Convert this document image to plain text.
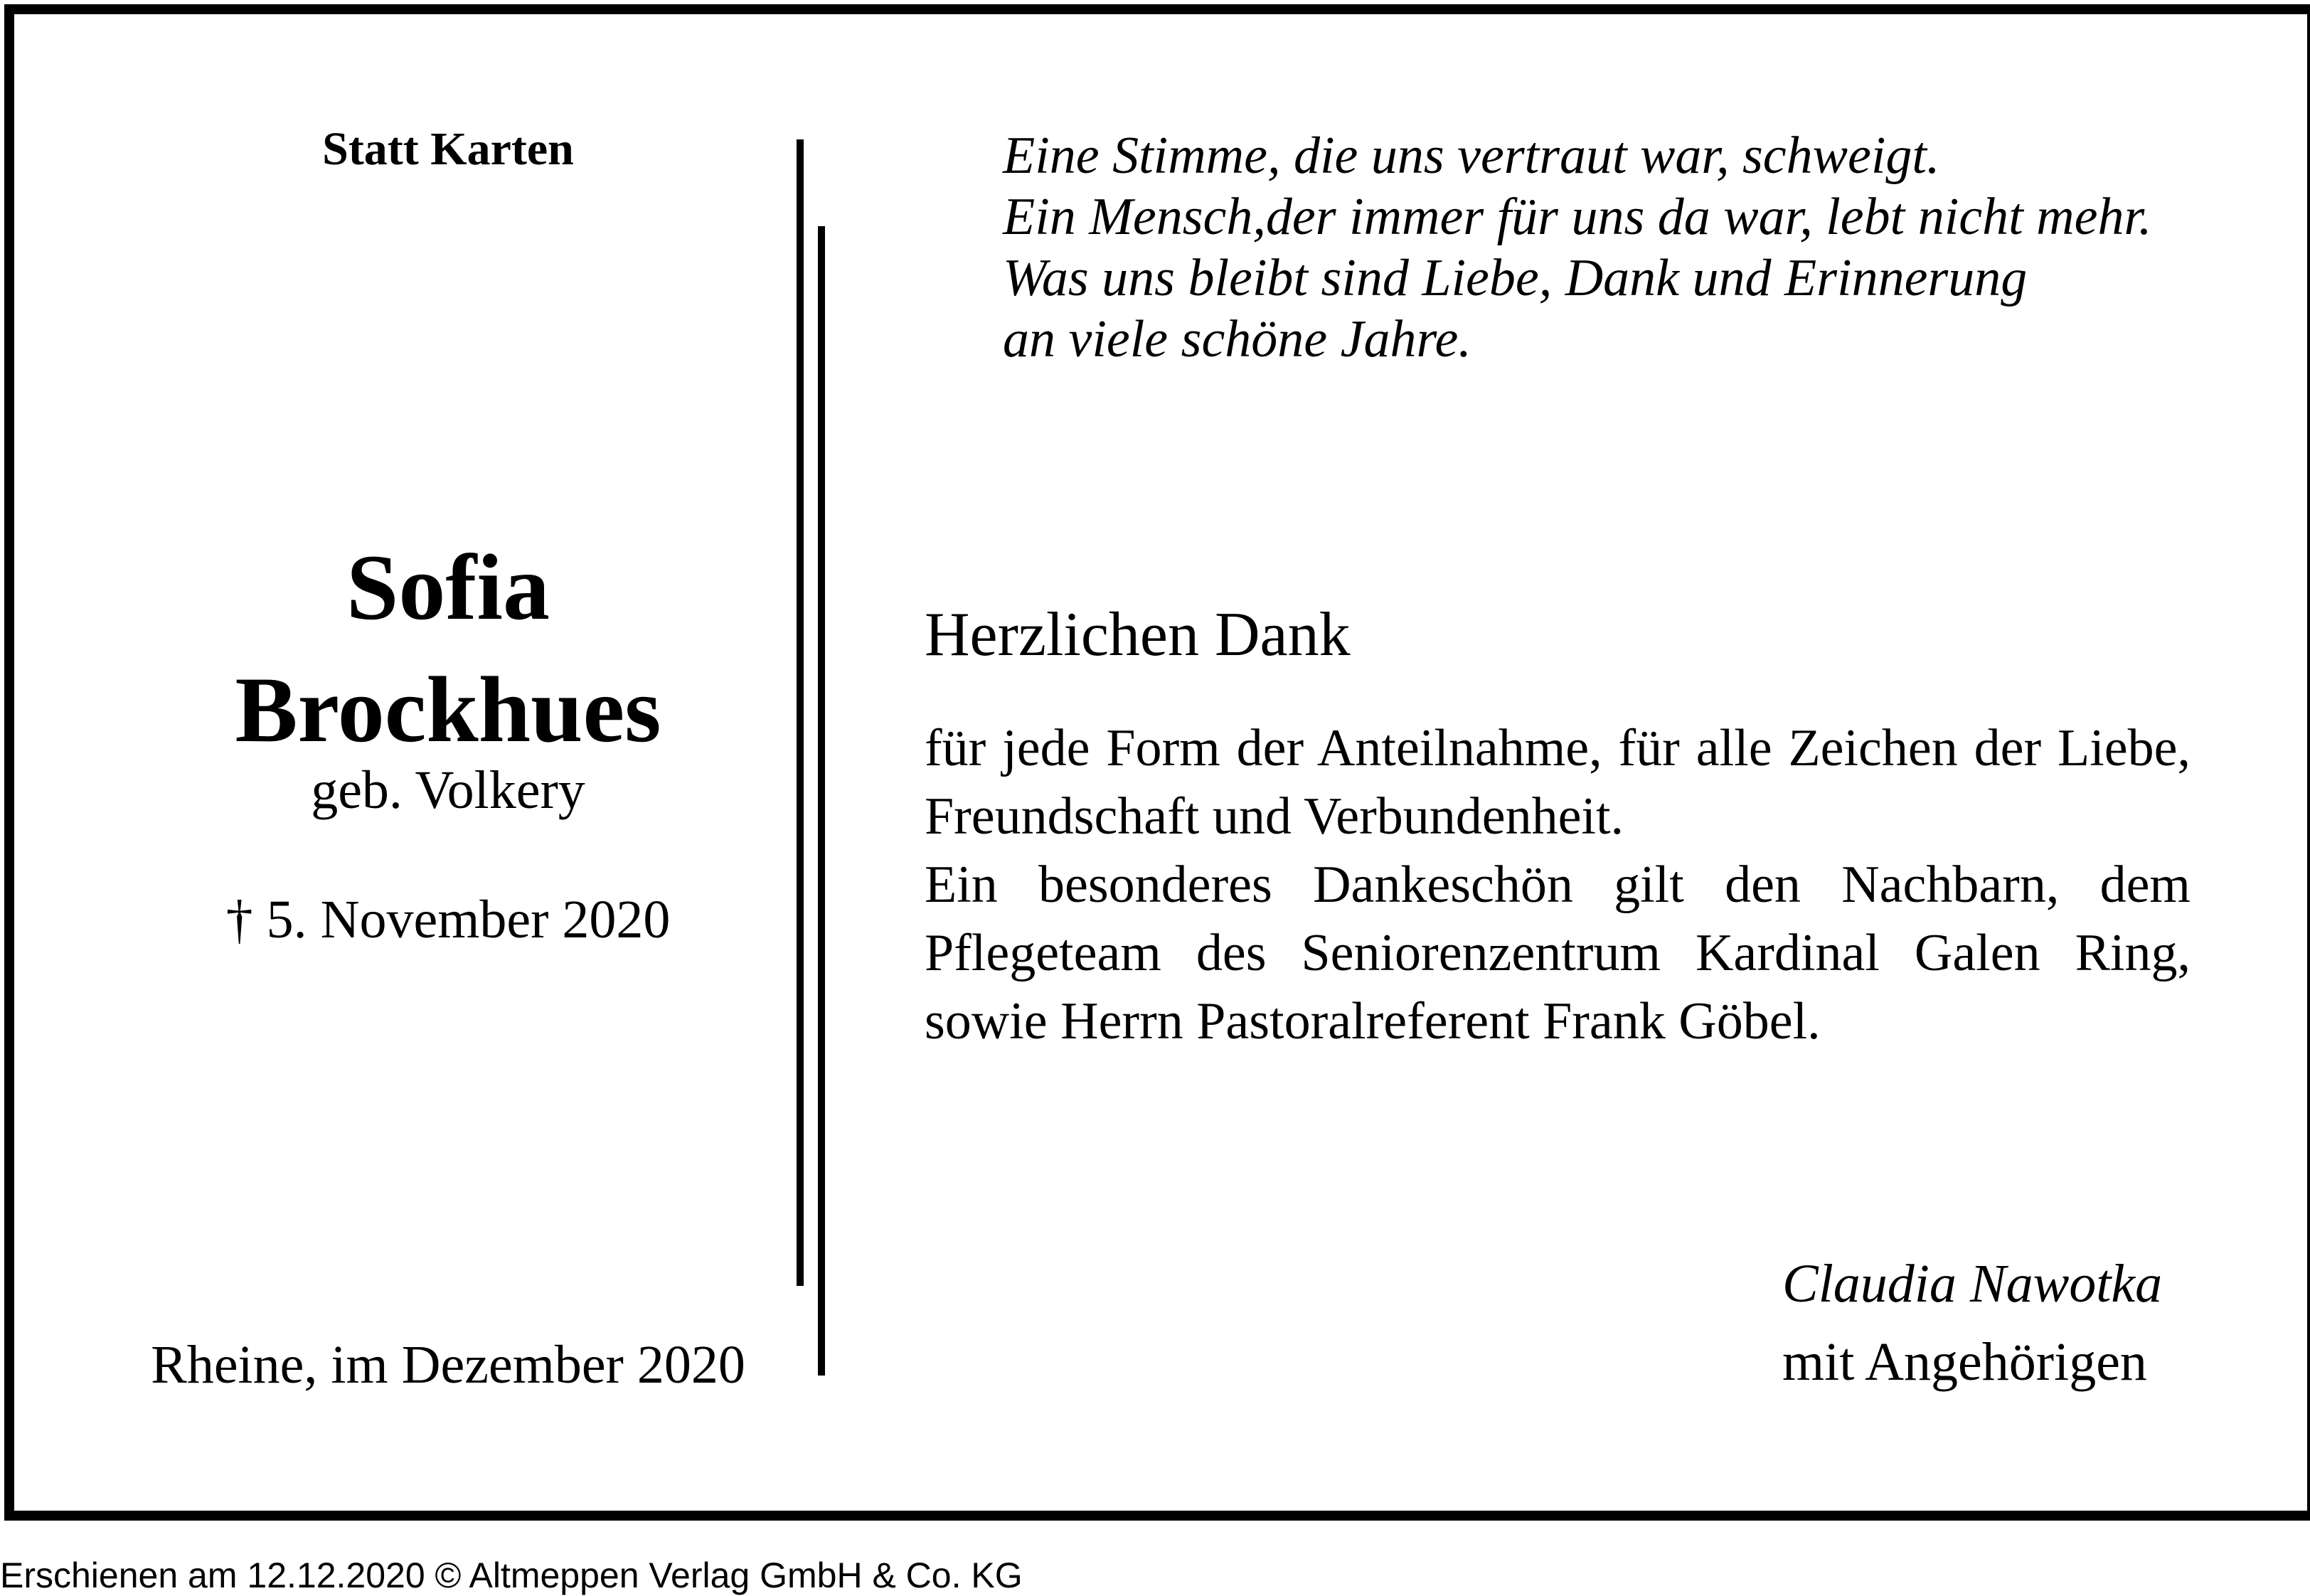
Statt Karten
Sofia
Brockhues
geb. Volkery
† 5. November 2020
Rheine, im Dezember 2020
Eine Stimme, die uns vertraut war, schweigt.
Ein Mensch,der immer für uns da war, lebt nicht mehr.
Was uns bleibt sind Liebe, Dank und Erinnerung
an viele schöne Jahre.
Herzlichen Dank

für jede Form der Anteilnahme, für alle Zeichen der Liebe, Freundschaft und Verbundenheit.

Ein besonderes Dankeschön gilt den Nachbarn, dem Pflegeteam des Seniorenzentrum Kardinal Galen Ring, sowie Herrn Pastoralreferent Frank Göbel.

Claudia Nawotka
mit Angehörigen
Erschienen am 12.12.2020 © Altmeppen Verlag GmbH & Co. KG
